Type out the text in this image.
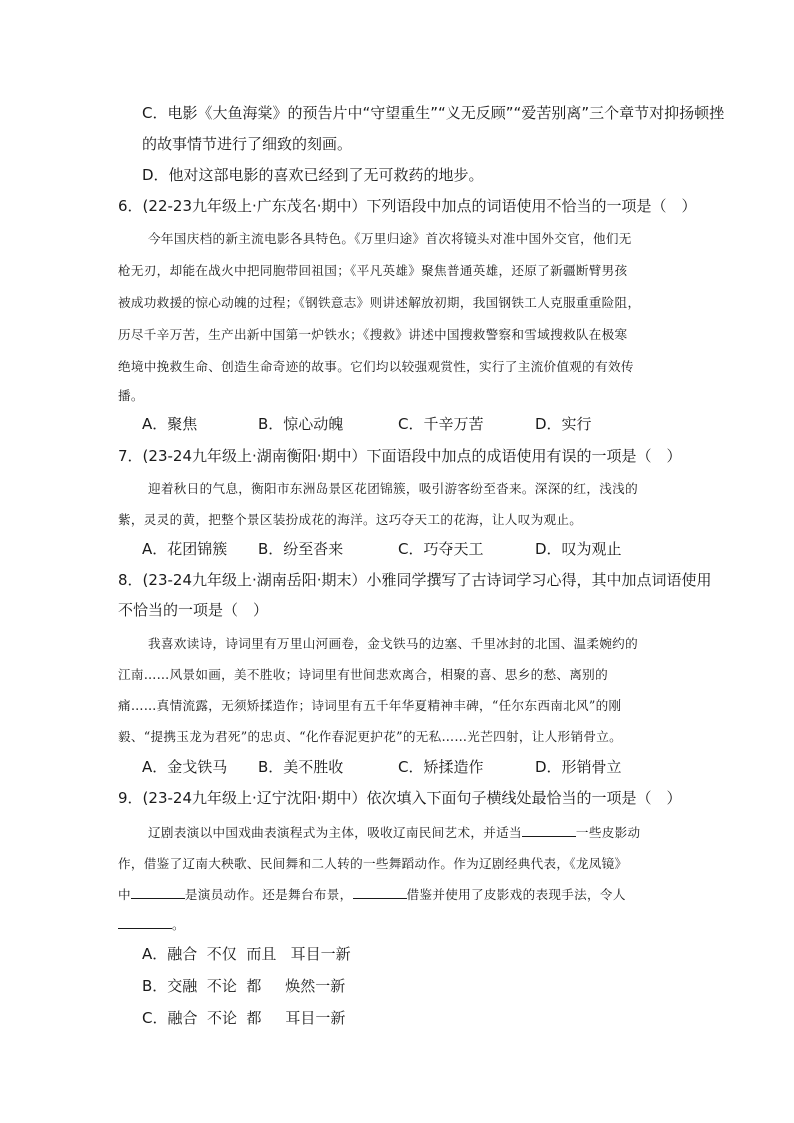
C．电影《大鱼海棠》的预告片中“守望重生”“义无反顾”“爱苦别离”三个章节对抑扬顿挫
的故事情节进行了细致的刻画。
D．他对这部电影的喜欢已经到了无可救药的地步。
6．(22-23九年级上·广东茂名·期中）下列语段中加点的词语使用不恰当的一项是（　）
今年国庆档的新主流电影各具特色。《万里归途》首次将镜头对准中国外交官，他们无
枪无刃，却能在战火中把同胞带回祖国；《平凡英雄》聚焦普通英雄，还原了新疆断臂男孩
被成功救援的惊心动魄的过程；《钢铁意志》则讲述解放初期，我国钢铁工人克服重重险阻，
历尽千辛万苦，生产出新中国第一炉铁水；《搜救》讲述中国搜救警察和雪域搜救队在极寒
绝境中挽救生命、创造生命奇迹的故事。它们均以较强观赏性，实行了主流价值观的有效传
播。
A．聚焦	B．惊心动魄	C．千辛万苦	D．实行
7．(23-24九年级上·湖南衡阳·期中）下面语段中加点的成语使用有误的一项是（　）
迎着秋日的气息，衡阳市东洲岛景区花团锦簇，吸引游客纷至沓来。深深的红，浅浅的
紫，灵灵的黄，把整个景区装扮成花的海洋。这巧夺天工的花海，让人叹为观止。
A．花团锦簇 B．纷至沓来	C．巧夺天工	D．叹为观止
8．(23-24九年级上·湖南岳阳·期末）小雅同学撰写了古诗词学习心得，其中加点词语使用
不恰当的一项是（　）
我喜欢读诗，诗词里有万里山河画卷，金戈铁马的边塞、千里冰封的北国、温柔婉约的
江南……风景如画，美不胜收；诗词里有世间悲欢离合，相聚的喜、思乡的愁、离别的
痛……真情流露，无须矫揉造作；诗词里有五千年华夏精神丰碑，“任尔东西南北风”的刚
毅、“提携玉龙为君死”的忠贞、“化作春泥更护花”的无私……光芒四射，让人形销骨立。
A．金戈铁马 B．美不胜收	C．矫揉造作	D．形销骨立
9．(23-24九年级上·辽宁沈阳·期中）依次填入下面句子横线处最恰当的一项是（　）
辽剧表演以中国戏曲表演程式为主体，吸收辽南民间艺术，并适当	一些皮影动
作，借鉴了辽南大秧歌、民间舞和二人转的一些舞蹈动作。作为辽剧经典代表，《龙凤镜》
中	是演员动作。还是舞台布景，	借鉴并使用了皮影戏的表现手法，令人
。
A．融合  不仅  而且   耳目一新
B．交融  不论  都     焕然一新
C．融合  不论  都     耳目一新
